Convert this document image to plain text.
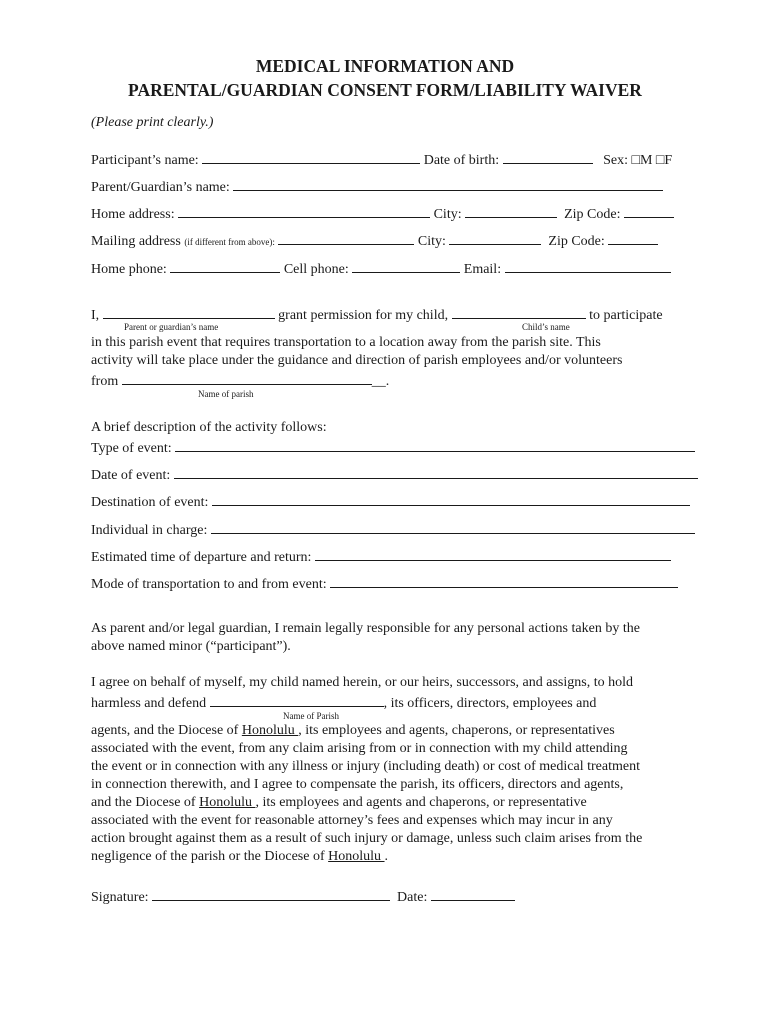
MEDICAL INFORMATION AND
PARENTAL/GUARDIAN CONSENT FORM/LIABILITY WAIVER
(Please print clearly.)
Participant’s name:	Date of birth:	Sex: □M □F
Parent/Guardian’s name:
Home address:	City:	Zip Code:
Mailing address (if different from above):	City:	Zip Code:
Home phone:	Cell phone:	Email:
I,	grant permission for my child,	to participate
Parent or guardian’s name	Child’s name
in this parish event that requires transportation to a location away from the parish site. This
activity will take place under the guidance and direction of parish employees and/or volunteers
from	__.
Name of parish
A brief description of the activity follows:
Type of event:
Date of event:
Destination of event:
Individual in charge:
Estimated time of departure and return:
Mode of transportation to and from event:
As parent and/or legal guardian, I remain legally responsible for any personal actions taken by the
above named minor (“participant”).
I agree on behalf of myself, my child named herein, or our heirs, successors, and assigns, to hold
harmless and defend	, its officers, directors, employees and
Name of Parish
agents, and the Diocese of Honolulu , its employees and agents, chaperons, or representatives
associated with the event, from any claim arising from or in connection with my child attending
the event or in connection with any illness or injury (including death) or cost of medical treatment
in connection therewith, and I agree to compensate the parish, its officers, directors and agents,
and the Diocese of Honolulu , its employees and agents and chaperons, or representative
associated with the event for reasonable attorney’s fees and expenses which may incur in any
action brought against them as a result of such injury or damage, unless such claim arises from the
negligence of the parish or the Diocese of Honolulu .
Signature:	Date:
